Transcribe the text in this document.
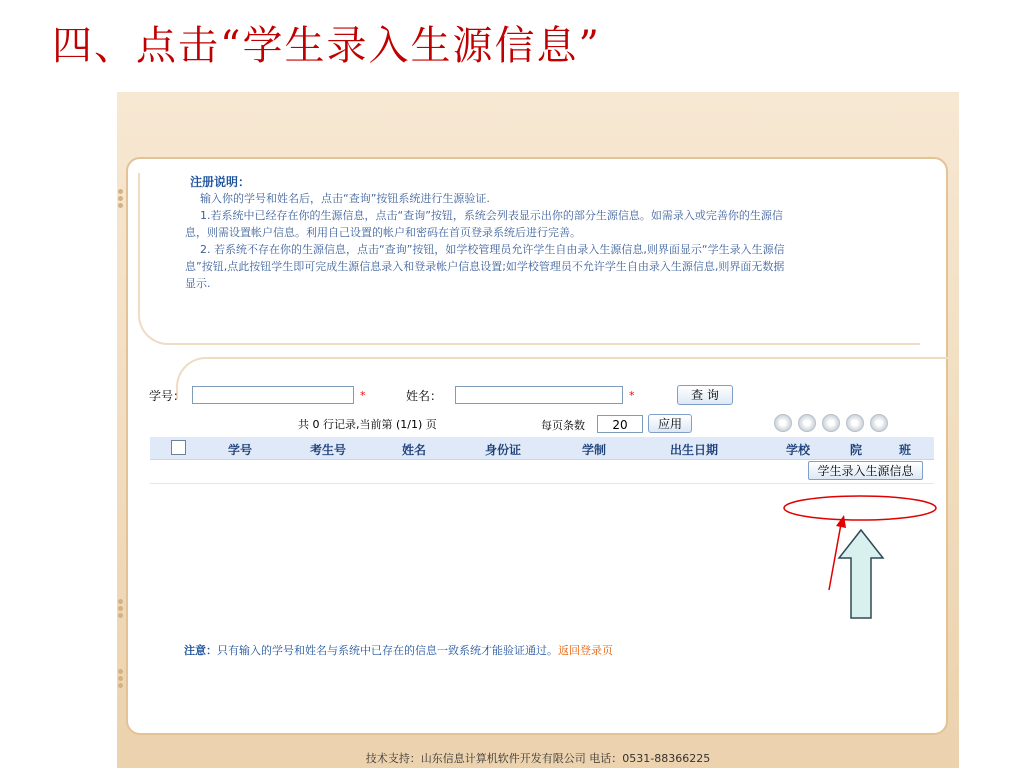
四、点击“学生录入生源信息”
注册说明：
输入你的学号和姓名后，点击“查询”按钮系统进行生源验证.
1.若系统中已经存在你的生源信息，点击“查询”按钮，系统会列表显示出你的部分生源信息。如需录入或完善你的生源信
息，则需设置帐户信息。利用自己设置的帐户和密码在首页登录系统后进行完善。
2. 若系统不存在你的生源信息，点击“查询”按钮，如学校管理员允许学生自由录入生源信息,则界面显示“学生录入生源信
息”按钮,点此按钮学生即可完成生源信息录入和登录帐户信息设置;如学校管理员不允许学生自由录入生源信息,则界面无数据
显示.
学号：	*	姓名：	*	查 询
共 0 行记录,当前第 (1/1) 页	每页条数	20	应用	▶	⏮	◀	▶	⏭
学号	考生号	姓名	身份证	学制	出生日期	学校	院	班
学生录入生源信息
注意：只有输入的学号和姓名与系统中已存在的信息一致系统才能验证通过。返回登录页
技术支持：山东信息计算机软件开发有限公司 电话：0531-88366225
